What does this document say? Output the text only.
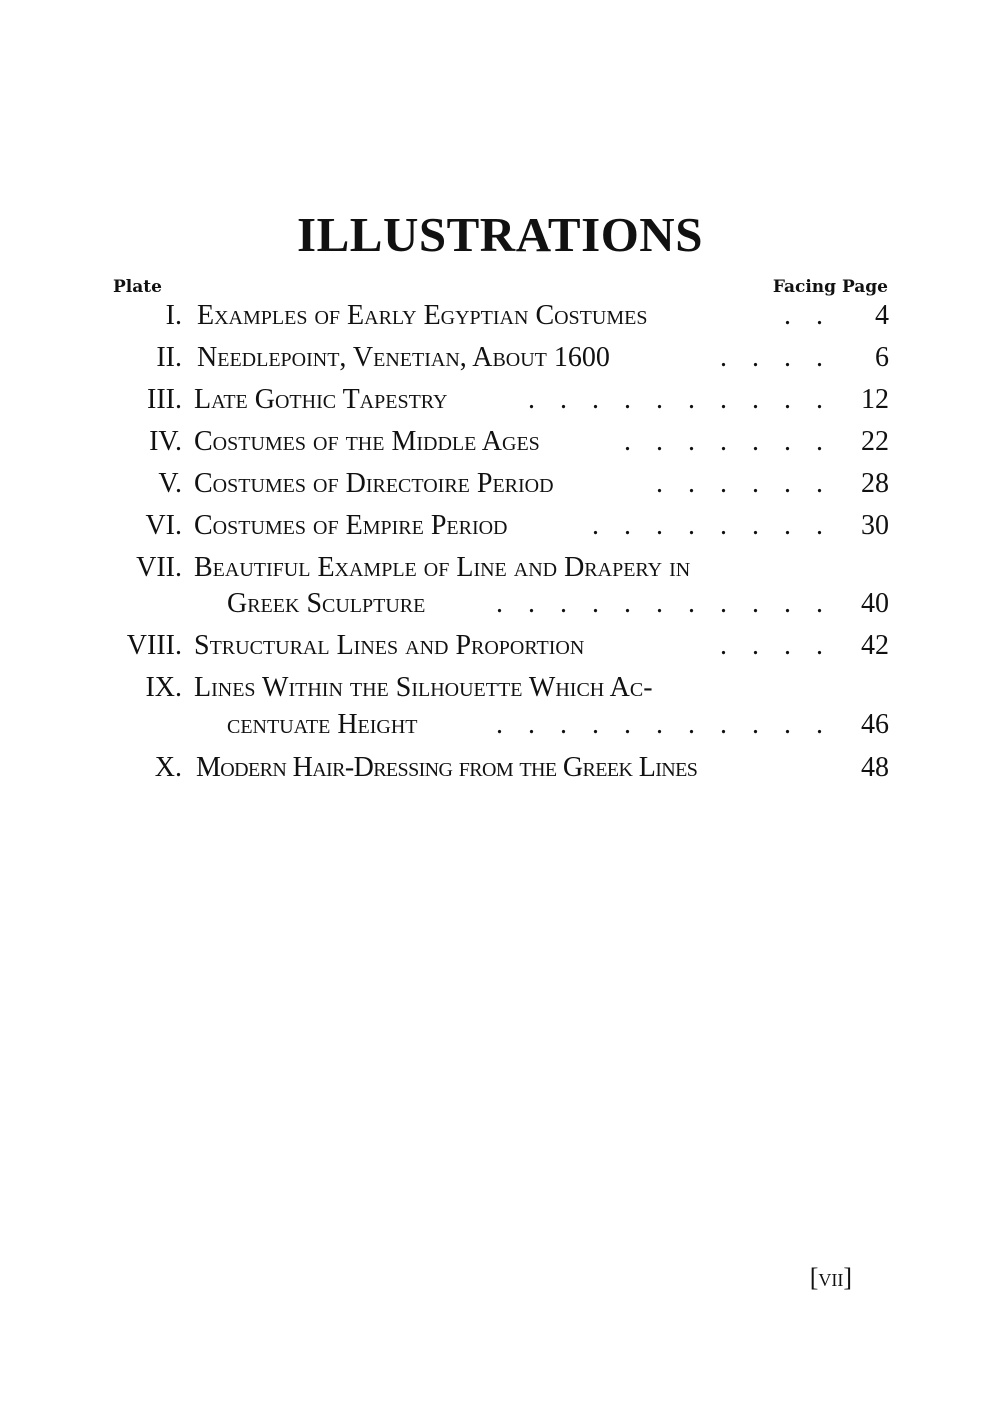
ILLUSTRATIONS
Plate	Facing Page
I. Examples of Early Egyptian Costumes	. . 4
II. Needlepoint, Venetian, About 1600	. . . . 6
III. Late Gothic Tapestry	. . . . . . . . . . 12
IV. Costumes of the Middle Ages	. . . . . . . 22
V. Costumes of Directoire Period	. . . . . . 28
VI. Costumes of Empire Period	. . . . . . . . 30
VII. Beautiful Example of Line and Drapery in
Greek Sculpture	. . . . . . . . . . . 40
VIII. Structural Lines and Proportion	. . . . 42
IX. Lines Within the Silhouette Which Ac-
centuate Height	. . . . . . . . . . . 46
X. Modern Hair-Dressing from the Greek Lines	48
[vii]
